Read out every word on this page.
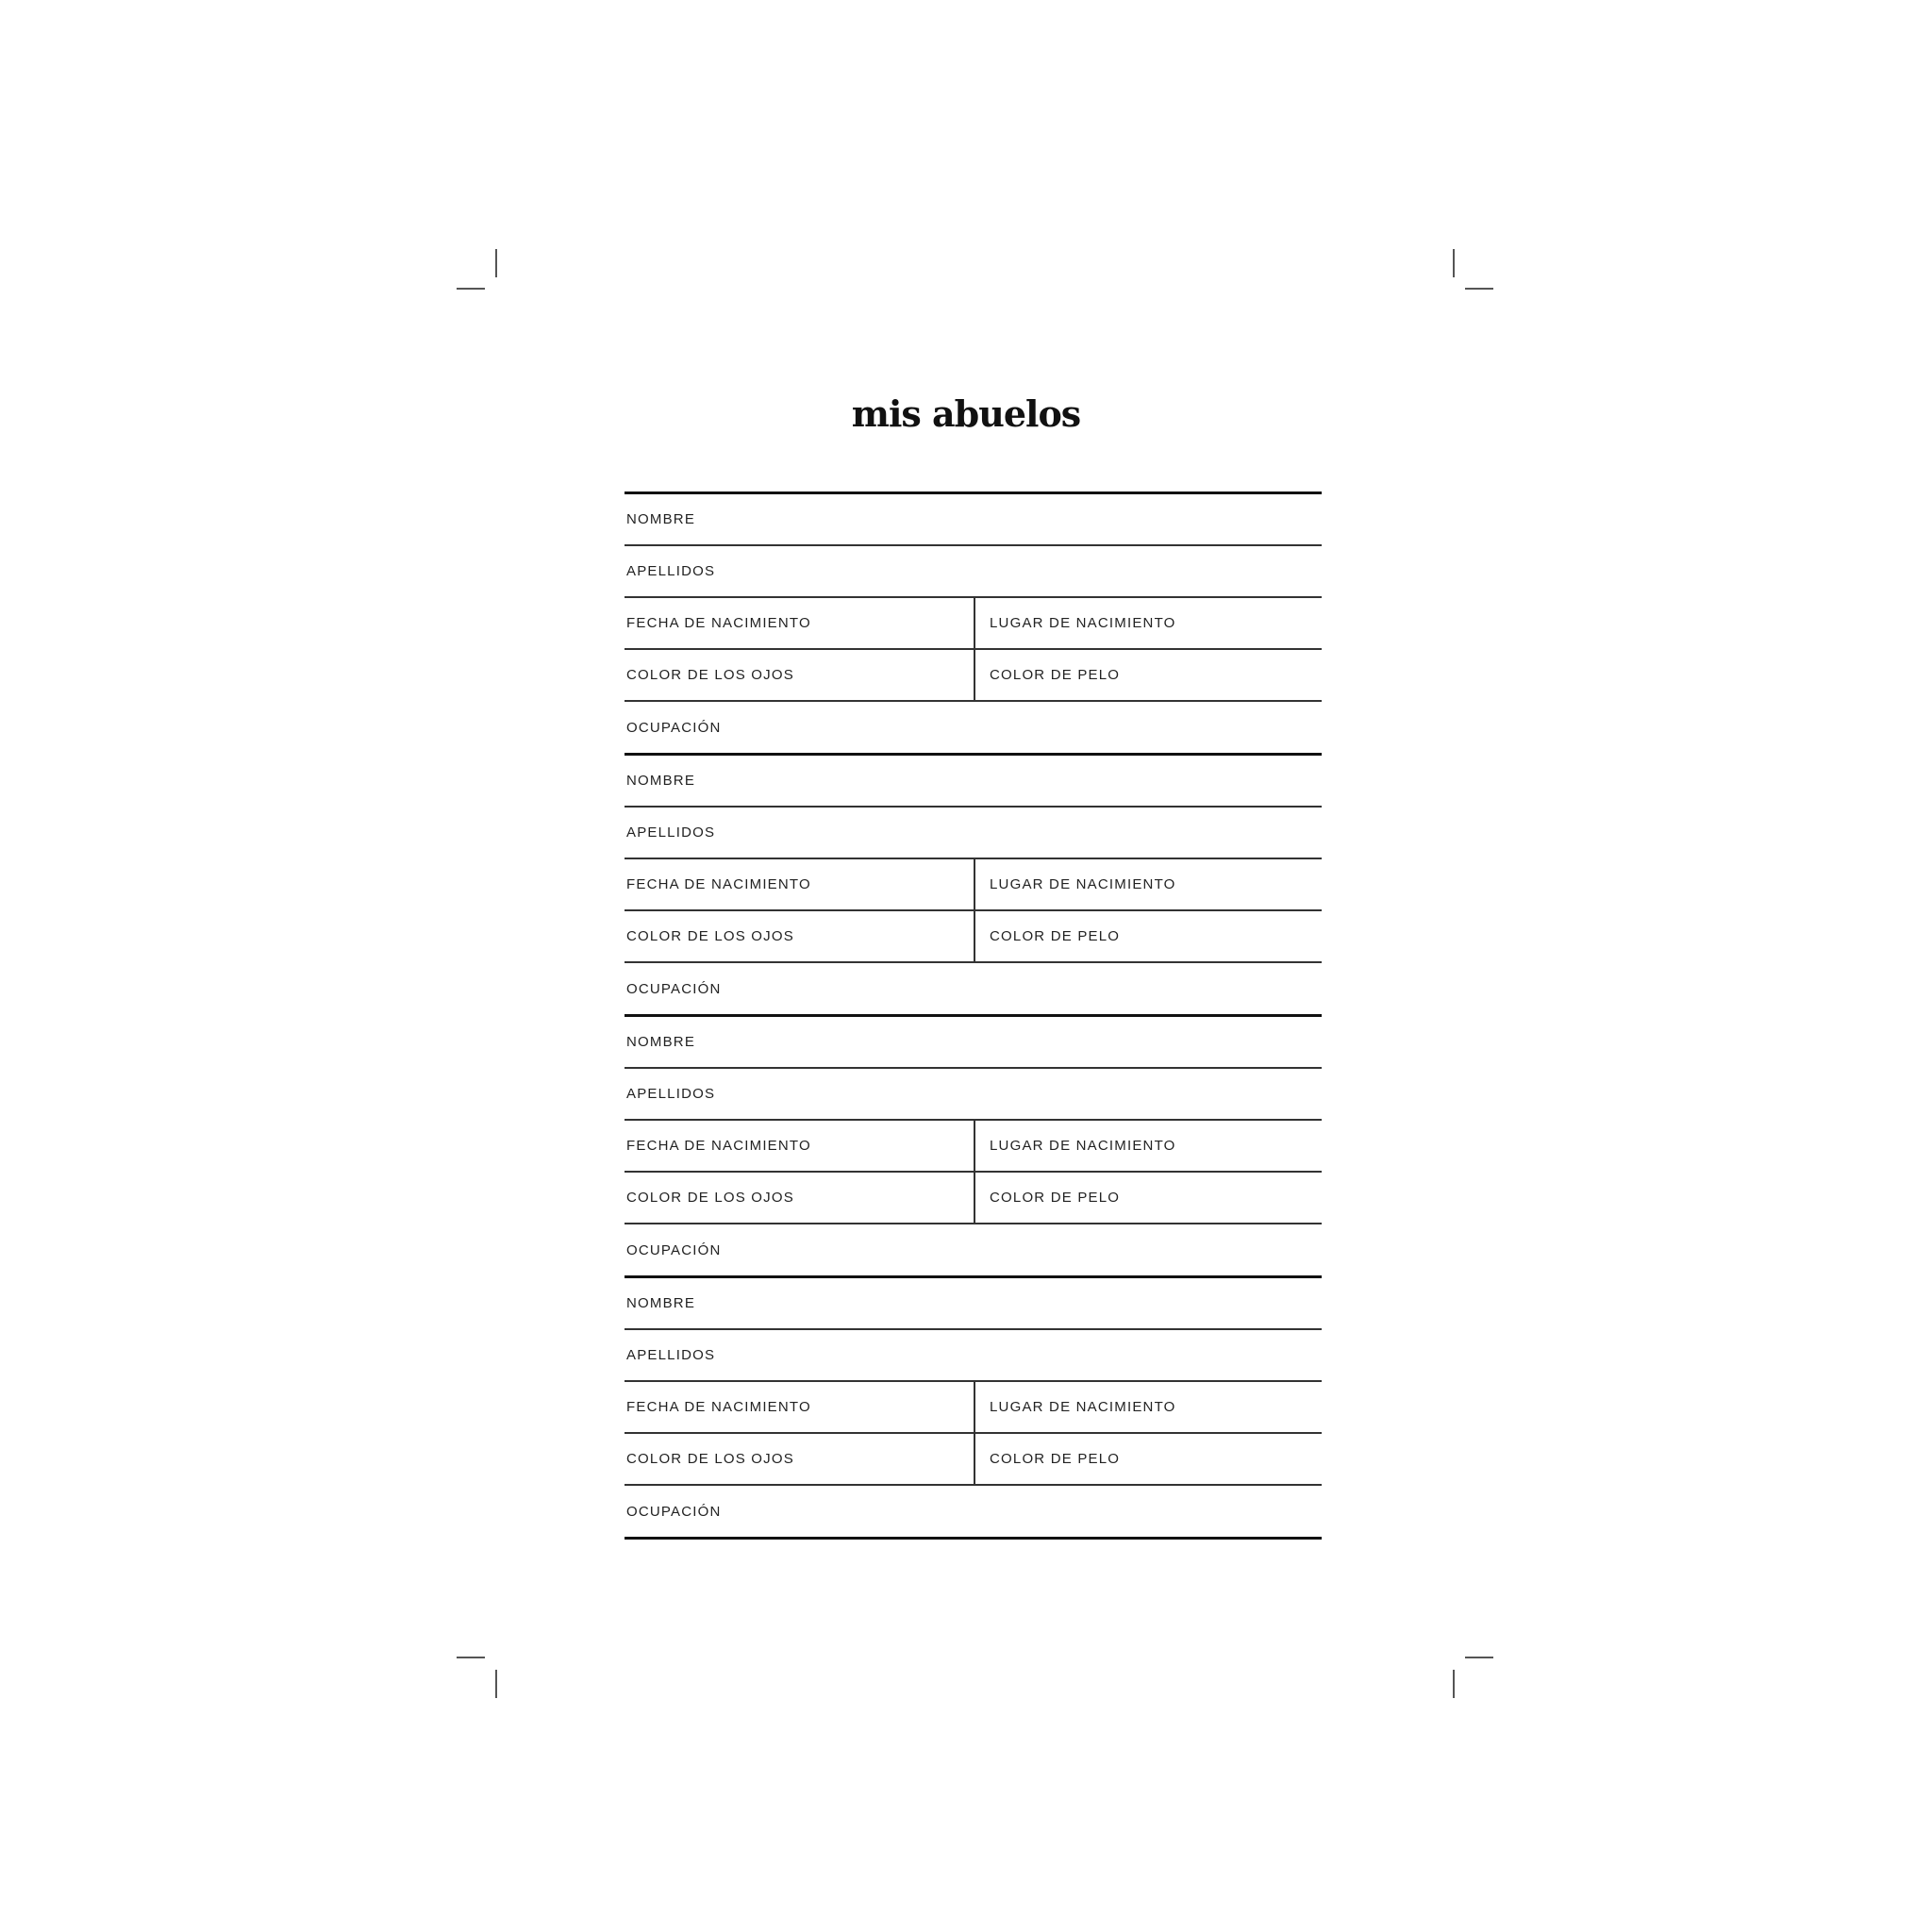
mis abuelos
NOMBRE
APELLIDOS
FECHA DE NACIMIENTO	LUGAR DE NACIMIENTO
COLOR DE LOS OJOS	COLOR DE PELO
OCUPACIÓN
NOMBRE
APELLIDOS
FECHA DE NACIMIENTO	LUGAR DE NACIMIENTO
COLOR DE LOS OJOS	COLOR DE PELO
OCUPACIÓN
NOMBRE
APELLIDOS
FECHA DE NACIMIENTO	LUGAR DE NACIMIENTO
COLOR DE LOS OJOS	COLOR DE PELO
OCUPACIÓN
NOMBRE
APELLIDOS
FECHA DE NACIMIENTO	LUGAR DE NACIMIENTO
COLOR DE LOS OJOS	COLOR DE PELO
OCUPACIÓN
